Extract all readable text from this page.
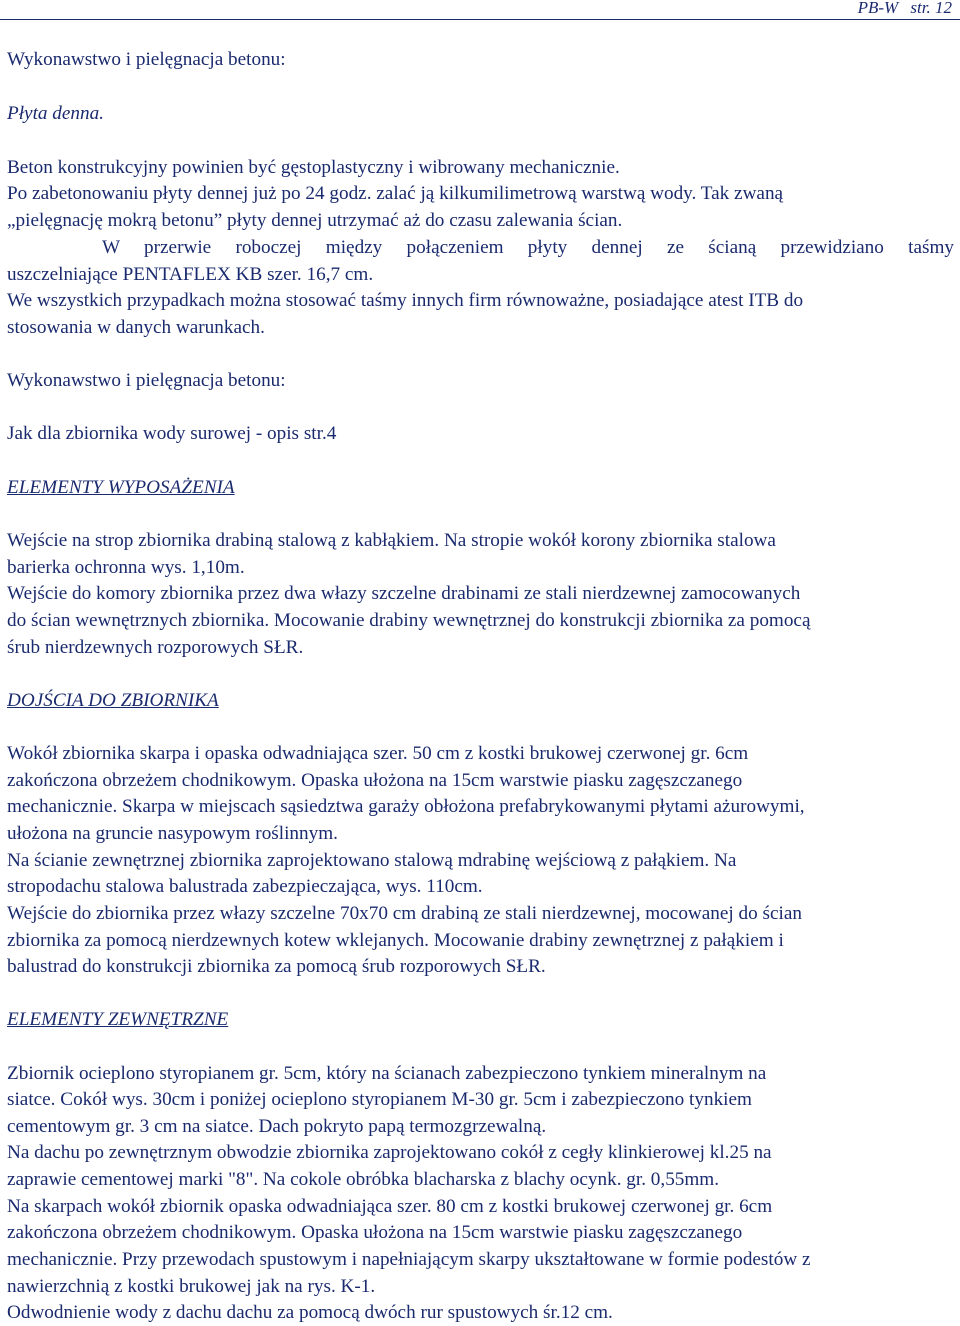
PB-W str. 12
Wykonawstwo i pielęgnacja betonu:
Płyta denna.
Beton konstrukcyjny powinien być gęstoplastyczny i wibrowany mechanicznie.
Po zabetonowaniu płyty dennej już po 24 godz. zalać ją kilkumilimetrową warstwą wody. Tak zwaną
„pielęgnację mokrą betonu” płyty dennej utrzymać aż do czasu zalewania ścian.
W przerwie roboczej między połączeniem płyty dennej ze ścianą przewidziano taśmy
uszczelniające PENTAFLEX KB szer. 16,7 cm.
We wszystkich przypadkach można stosować taśmy innych firm równoważne, posiadające atest ITB do
stosowania w danych warunkach.
Wykonawstwo i pielęgnacja betonu:
Jak dla zbiornika wody surowej - opis str.4
ELEMENTY WYPOSAŻENIA
Wejście na strop zbiornika drabiną stalową z kabłąkiem. Na stropie wokół korony zbiornika stalowa
barierka ochronna wys. 1,10m.
Wejście do komory zbiornika przez dwa włazy szczelne drabinami ze stali nierdzewnej zamocowanych
do ścian wewnętrznych zbiornika. Mocowanie drabiny wewnętrznej do konstrukcji zbiornika za pomocą
śrub nierdzewnych rozporowych SŁR.
DOJŚCIA DO ZBIORNIKA
Wokół zbiornika skarpa i opaska odwadniająca szer. 50 cm z kostki brukowej czerwonej gr. 6cm
zakończona obrzeżem chodnikowym. Opaska ułożona na 15cm warstwie piasku zagęszczanego
mechanicznie. Skarpa w miejscach sąsiedztwa garaży obłożona prefabrykowanymi płytami ażurowymi,
ułożona na gruncie nasypowym roślinnym.
Na ścianie zewnętrznej zbiornika zaprojektowano stalową mdrabinę wejściową z pałąkiem. Na
stropodachu stalowa balustrada zabezpieczająca, wys. 110cm.
Wejście do zbiornika przez włazy szczelne 70x70 cm drabiną ze stali nierdzewnej, mocowanej do ścian
zbiornika za pomocą nierdzewnych kotew wklejanych. Mocowanie drabiny zewnętrznej z pałąkiem i
balustrad do konstrukcji zbiornika za pomocą śrub rozporowych SŁR.
ELEMENTY ZEWNĘTRZNE
Zbiornik ocieplono styropianem gr. 5cm, który na ścianach zabezpieczono tynkiem mineralnym na
siatce. Cokół wys. 30cm i poniżej ocieplono styropianem M-30 gr. 5cm i zabezpieczono tynkiem
cementowym gr. 3 cm na siatce. Dach pokryto papą termozgrzewalną.
Na dachu po zewnętrznym obwodzie zbiornika zaprojektowano cokół z cegły klinkierowej kl.25 na
zaprawie cementowej marki "8". Na cokole obróbka blacharska z blachy ocynk. gr. 0,55mm.
Na skarpach wokół zbiornik opaska odwadniająca szer. 80 cm z kostki brukowej czerwonej gr. 6cm
zakończona obrzeżem chodnikowym. Opaska ułożona na 15cm warstwie piasku zagęszczanego
mechanicznie. Przy przewodach spustowym i napełniającym skarpy ukształtowane w formie podestów z
nawierzchnią z kostki brukowej jak na rys. K-1.
Odwodnienie wody z dachu dachu za pomocą dwóch rur spustowych śr.12 cm.
